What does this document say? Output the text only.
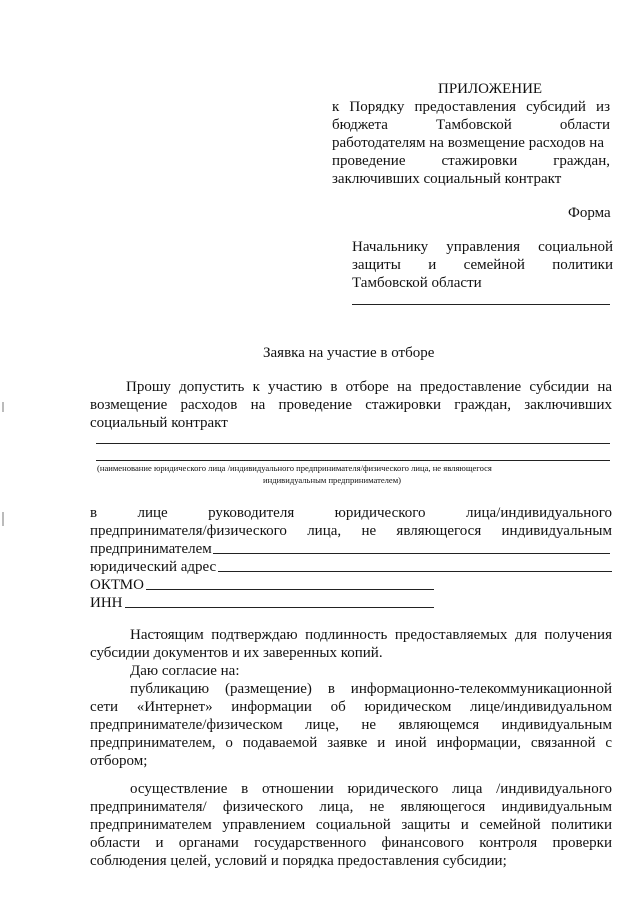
ПРИЛОЖЕНИЕ
к Порядку предоставления субсидий из
бюджета Тамбовской области
работодателям на возмещение расходов на
проведение стажировки граждан,
заключивших социальный контракт
Форма
Начальнику управления социальной
защиты и семейной политики
Тамбовской области
Заявка на участие в отборе
Прошу допустить к участию в отборе на предоставление субсидии на
возмещение расходов на проведение стажировки граждан, заключивших
социальный контракт
(наименование юридического лица /индивидуального предпринимателя/физического лица, не являющегося
индивидуальным предпринимателем)
в лице руководителя юридического лица/индивидуального
предпринимателя/физического лица, не являющегося индивидуальным
предпринимателем
юридический адрес
ОКТМО
ИНН
Настоящим подтверждаю подлинность предоставляемых для получения
субсидии документов и их заверенных копий.
Даю согласие на:
публикацию (размещение) в информационно-телекоммуникационной
сети «Интернет» информации об юридическом лице/индивидуальном
предпринимателе/физическом лице, не являющемся индивидуальным
предпринимателем, о подаваемой заявке и иной информации, связанной с
отбором;
осуществление в отношении юридического лица /индивидуального
предпринимателя/ физического лица, не являющегося индивидуальным
предпринимателем управлением социальной защиты и семейной политики
области и органами государственного финансового контроля проверки
соблюдения целей, условий и порядка предоставления субсидии;
